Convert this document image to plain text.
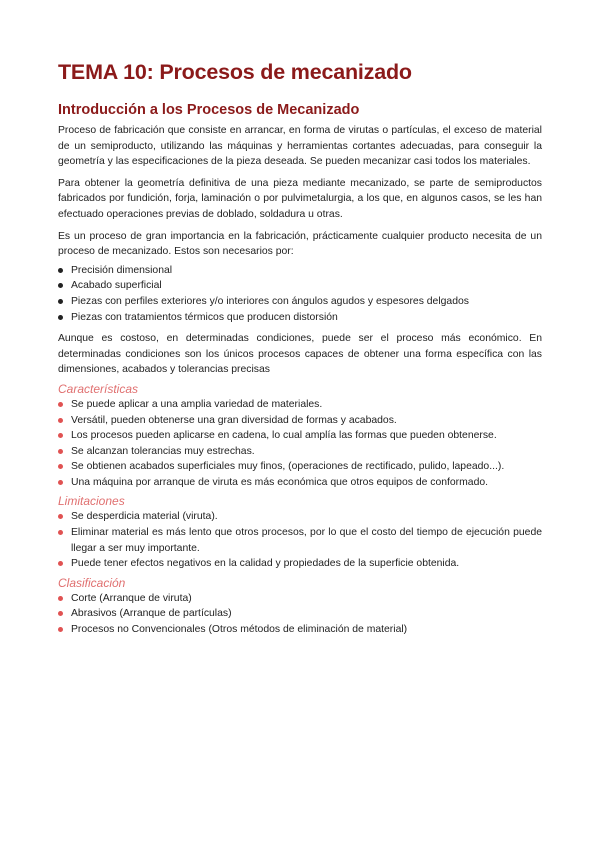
TEMA 10: Procesos de mecanizado
Introducción a los Procesos de Mecanizado

Proceso de fabricación que consiste en arrancar, en forma de virutas o partículas, el exceso de material de un semiproducto, utilizando las máquinas y herramientas cortantes adecuadas, para conseguir la geometría y las especificaciones de la pieza deseada. Se pueden mecanizar casi todos los materiales.

Para obtener la geometría definitiva de una pieza mediante mecanizado, se parte de semiproductos fabricados por fundición, forja, laminación o por pulvimetalurgia, a los que, en algunos casos, se les han efectuado operaciones previas de doblado, soldadura u otras.

Es un proceso de gran importancia en la fabricación, prácticamente cualquier producto necesita de un proceso de mecanizado. Estos son necesarios por:

Precisión dimensional
Acabado superficial
Piezas con perfiles exteriores y/o interiores con ángulos agudos y espesores delgados
Piezas con tratamientos térmicos que producen distorsión

Aunque es costoso, en determinadas condiciones, puede ser el proceso más económico. En determinadas condiciones son los únicos procesos capaces de obtener una forma específica con las dimensiones, acabados y tolerancias precisas

Características
Se puede aplicar a una amplia variedad de materiales.
Versátil, pueden obtenerse una gran diversidad de formas y acabados.
Los procesos pueden aplicarse en cadena, lo cual amplía las formas que pueden obtenerse.
Se alcanzan tolerancias muy estrechas.
Se obtienen acabados superficiales muy finos, (operaciones de rectificado, pulido, lapeado...).
Una máquina por arranque de viruta es más económica que otros equipos de conformado.
Limitaciones
Se desperdicia material (viruta).
Eliminar material es más lento que otros procesos, por lo que el costo del tiempo de ejecución puede llegar a ser muy importante.
Puede tener efectos negativos en la calidad y propiedades de la superficie obtenida.
Clasificación
Corte (Arranque de viruta)
Abrasivos (Arranque de partículas)
Procesos no Convencionales (Otros métodos de eliminación de material)
